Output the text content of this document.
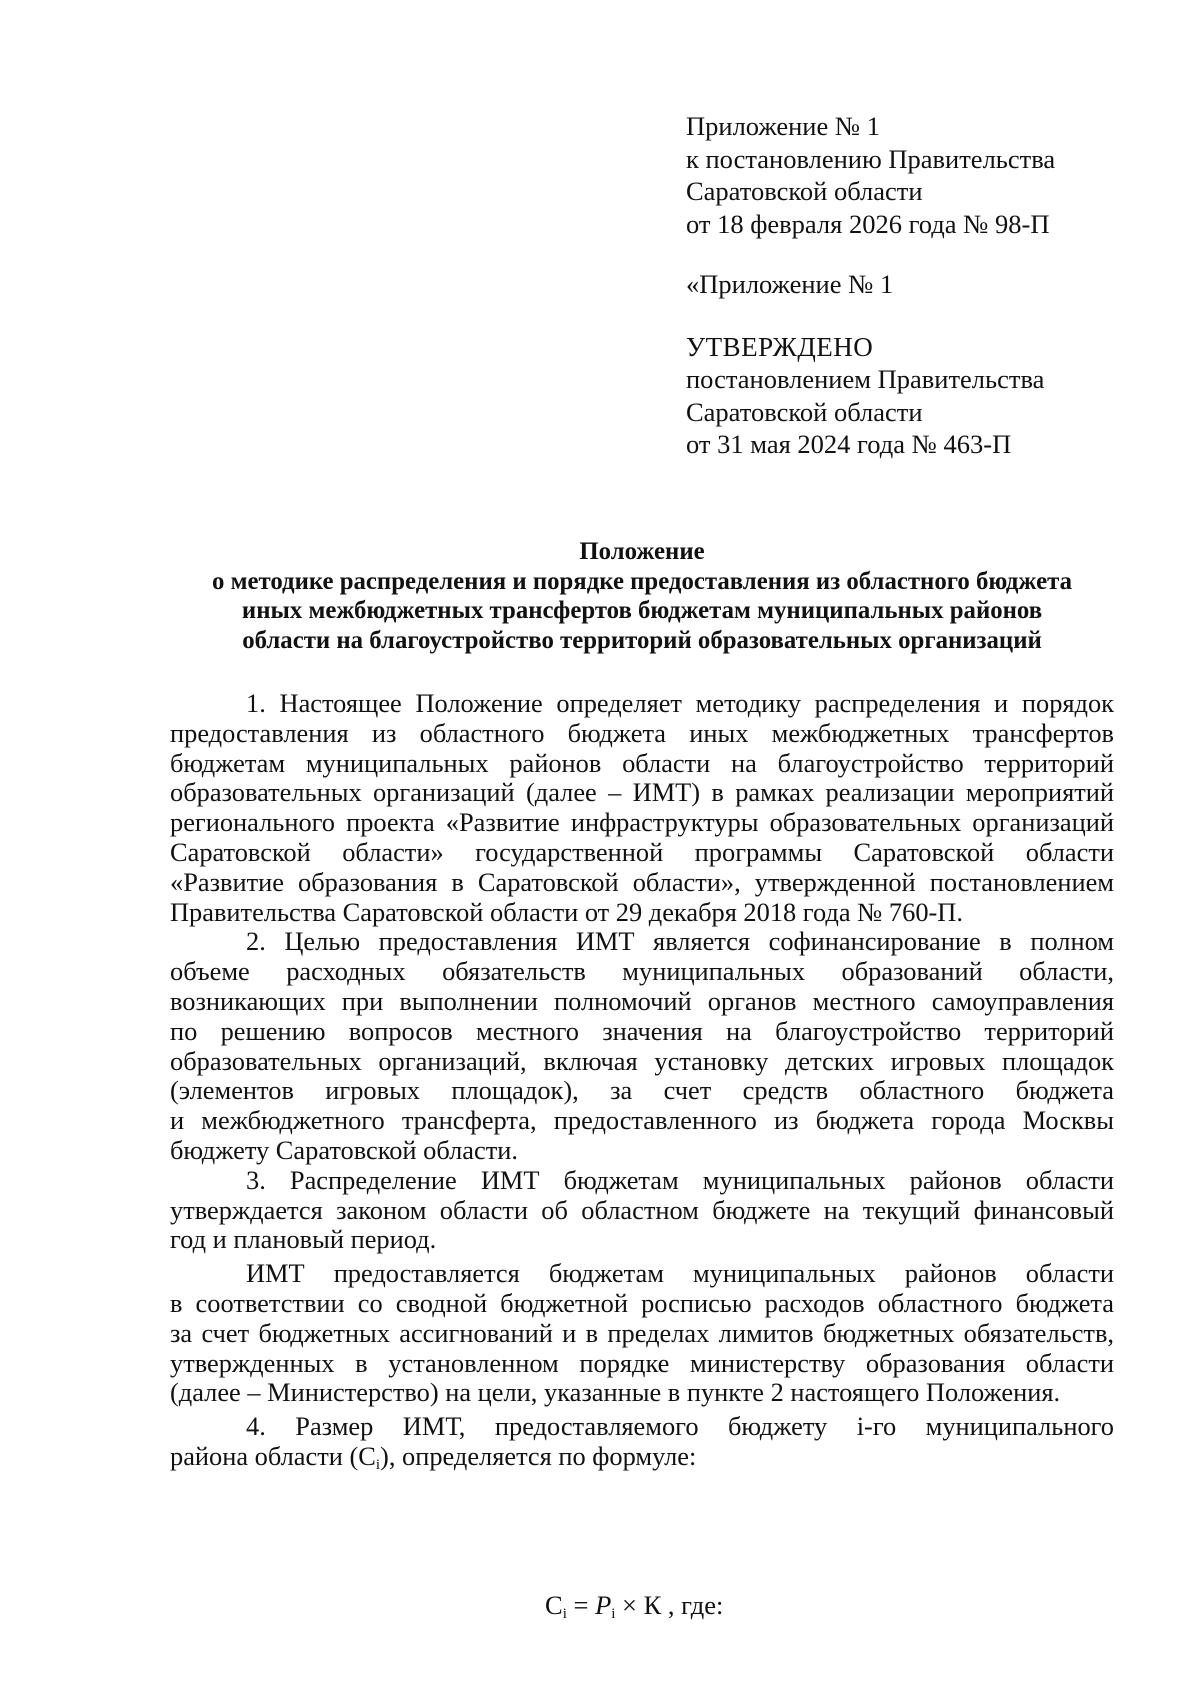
Приложение № 1
к постановлению Правительства
Саратовской области
от 18 февраля 2026 года № 98-П
«Приложение № 1
УТВЕРЖДЕНО
постановлением Правительства
Саратовской области
от 31 мая 2024 года № 463-П
Положение
о методике распределения и порядке предоставления из областного бюджета
иных межбюджетных трансфертов бюджетам муниципальных районов
области на благоустройство территорий образовательных организаций
1. Настоящее Положение определяет методику распределения и порядок
предоставления из областного бюджета иных межбюджетных трансфертов
бюджетам муниципальных районов области на благоустройство территорий
образовательных организаций (далее – ИМТ) в рамках реализации мероприятий
регионального проекта «Развитие инфраструктуры образовательных организаций
Саратовской области» государственной программы Саратовской области
«Развитие образования в Саратовской области», утвержденной постановлением
Правительства Саратовской области от 29 декабря 2018 года № 760-П.
2. Целью предоставления ИМТ является софинансирование в полном
объеме расходных обязательств муниципальных образований области,
возникающих при выполнении полномочий органов местного самоуправления
по решению вопросов местного значения на благоустройство территорий
образовательных организаций, включая установку детских игровых площадок
(элементов игровых площадок), за счет средств областного бюджета
и межбюджетного трансферта, предоставленного из бюджета города Москвы
бюджету Саратовской области.
3. Распределение ИМТ бюджетам муниципальных районов области
утверждается законом области об областном бюджете на текущий финансовый
год и плановый период.
ИМТ предоставляется бюджетам муниципальных районов области
в соответствии со сводной бюджетной росписью расходов областного бюджета
за счет бюджетных ассигнований и в пределах лимитов бюджетных обязательств,
утвержденных в установленном порядке министерству образования области
(далее – Министерство) на цели, указанные в пункте 2 настоящего Положения.
4. Размер ИМТ, предоставляемого бюджету i-го муниципального
района области (Ci), определяется по формуле:
$C_i = P_i \times К$ , где:
